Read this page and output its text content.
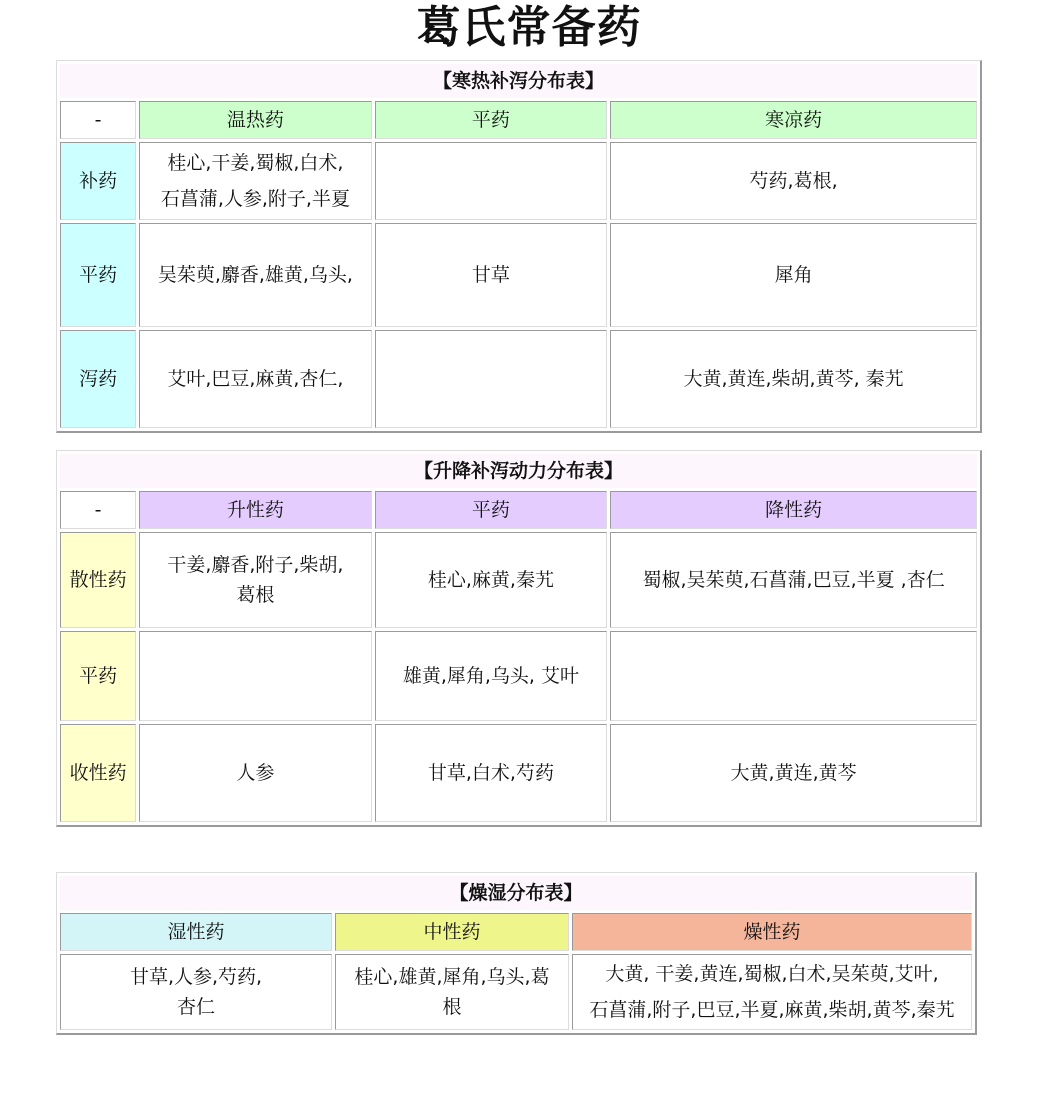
葛氏常备药
【寒热补泻分布表】			
-	温热药	平药	寒凉药
补药	桂心,干姜,蜀椒,白术,
石菖蒲,人参,附子,半夏		芍药,葛根,
平药	吴茱萸,麝香,雄黄,乌头,	甘草	犀角
泻药	艾叶,巴豆,麻黄,杏仁,		大黄,黄连,柴胡,黄芩, 秦艽
【升降补泻动力分布表】			
-	升性药	平药	降性药
散性药	干姜,麝香,附子,柴胡,
葛根	桂心,麻黄,秦艽	蜀椒,吴茱萸,石菖蒲,巴豆,半夏 ,杏仁
平药		雄黄,犀角,乌头, 艾叶	
收性药	人参	甘草,白术,芍药	大黄,黄连,黄芩
【燥湿分布表】		
湿性药	中性药	燥性药
甘草,人参,芍药,
杏仁	桂心,雄黄,犀角,乌头,葛
根	大黄, 干姜,黄连,蜀椒,白术,吴茱萸,艾叶,
石菖蒲,附子,巴豆,半夏,麻黄,柴胡,黄芩,秦艽
